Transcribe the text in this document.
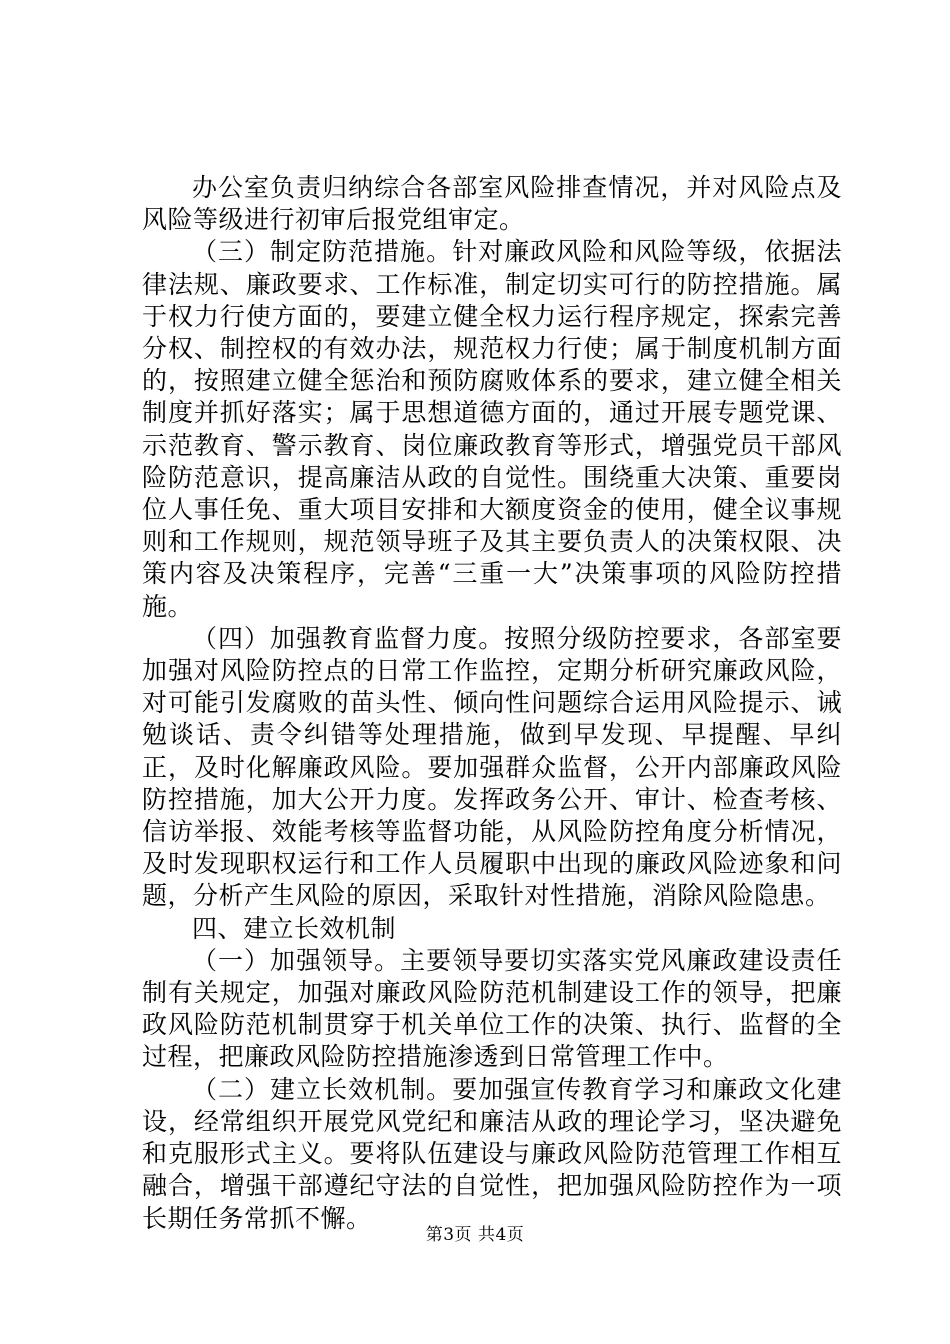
办公室负责归纳综合各部室风险排查情况，并对风险点及风险等级进行初审后报党组审定。

（三）制定防范措施。针对廉政风险和风险等级，依据法律法规、廉政要求、工作标准，制定切实可行的防控措施。属于权力行使方面的，要建立健全权力运行程序规定，探索完善分权、制控权的有效办法，规范权力行使；属于制度机制方面的，按照建立健全惩治和预防腐败体系的要求，建立健全相关制度并抓好落实；属于思想道德方面的，通过开展专题党课、示范教育、警示教育、岗位廉政教育等形式，增强党员干部风险防范意识，提高廉洁从政的自觉性。围绕重大决策、重要岗位人事任免、重大项目安排和大额度资金的使用，健全议事规则和工作规则，规范领导班子及其主要负责人的决策权限、决策内容及决策程序，完善“三重一大”决策事项的风险防控措施。

（四）加强教育监督力度。按照分级防控要求，各部室要加强对风险防控点的日常工作监控，定期分析研究廉政风险，对可能引发腐败的苗头性、倾向性问题综合运用风险提示、诫勉谈话、责令纠错等处理措施，做到早发现、早提醒、早纠正，及时化解廉政风险。要加强群众监督，公开内部廉政风险防控措施，加大公开力度。发挥政务公开、审计、检查考核、信访举报、效能考核等监督功能，从风险防控角度分析情况，及时发现职权运行和工作人员履职中出现的廉政风险迹象和问题，分析产生风险的原因，采取针对性措施，消除风险隐患。

四、建立长效机制

（一）加强领导。主要领导要切实落实党风廉政建设责任制有关规定，加强对廉政风险防范机制建设工作的领导，把廉政风险防范机制贯穿于机关单位工作的决策、执行、监督的全过程，把廉政风险防控措施渗透到日常管理工作中。

（二）建立长效机制。要加强宣传教育学习和廉政文化建设，经常组织开展党风党纪和廉洁从政的理论学习，坚决避免和克服形式主义。要将队伍建设与廉政风险防范管理工作相互融合，增强干部遵纪守法的自觉性，把加强风险防控作为一项长期任务常抓不懈。

第3页 共4页
